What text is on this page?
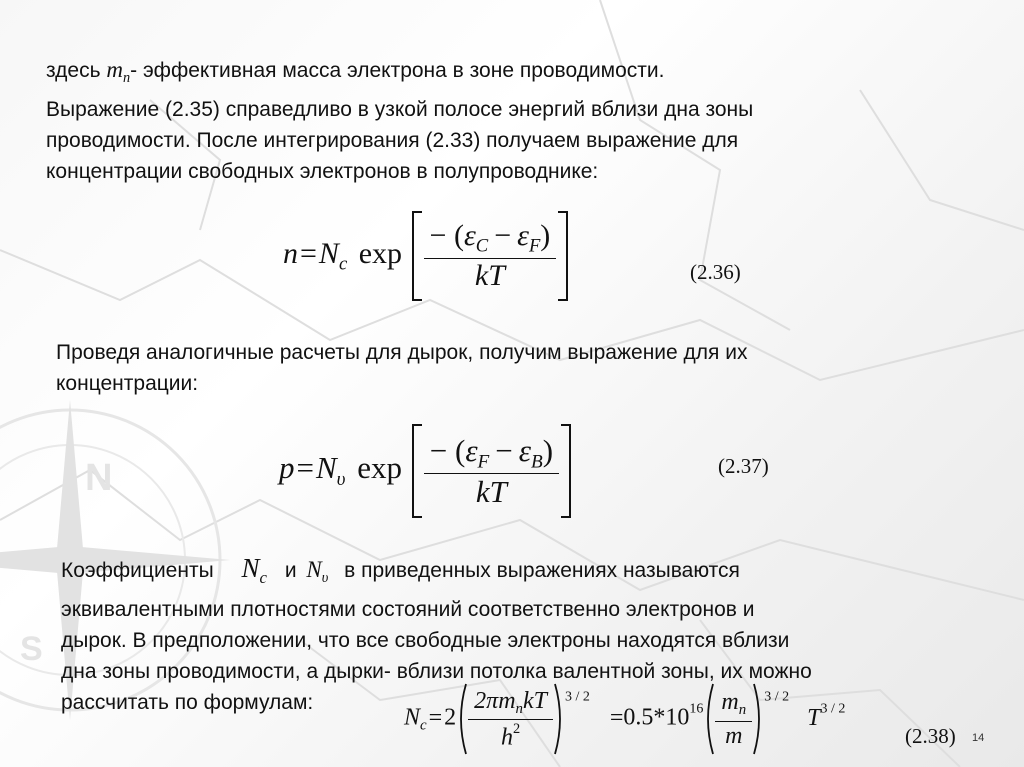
N
S
здесь $m_n-$ эффективная масса электрона в зоне проводимости.
Выражение (2.35) справедливо в узкой полосе энергий вблизи дна зоны
проводимости. После интегрирования (2.33) получаем выражение для
концентрации свободных электронов в полупроводнике:
$n=N_c$ $\exp \frac{- (\varepsilon_C - \varepsilon_F)}{kT}$	(2.36)
Проведя аналогичные расчеты для дырок, получим выражение для их
концентрации:
$p=N_\upsilon$ $\exp \frac{- (\varepsilon_F - \varepsilon_B)}{kT}$	(2.37)
Коэффициенты $N_c$ и $N_\upsilon$ в приведенных выражениях называются
эквивалентными плотностями состояний соответственно электронов и
дырок. В предположении, что все свободные электроны находятся вблизи
дна зоны проводимости, а дырки- вблизи потолка валентной зоны, их можно
рассчитать по формулам:
$N_c=2 \frac{2\pi m_nkT}{h^2} ^{3 / 2} =0.5*10^{16} \frac{m_n}{m} ^{3 / 2}$ $T^{3 / 2}$
(2.38) 14
